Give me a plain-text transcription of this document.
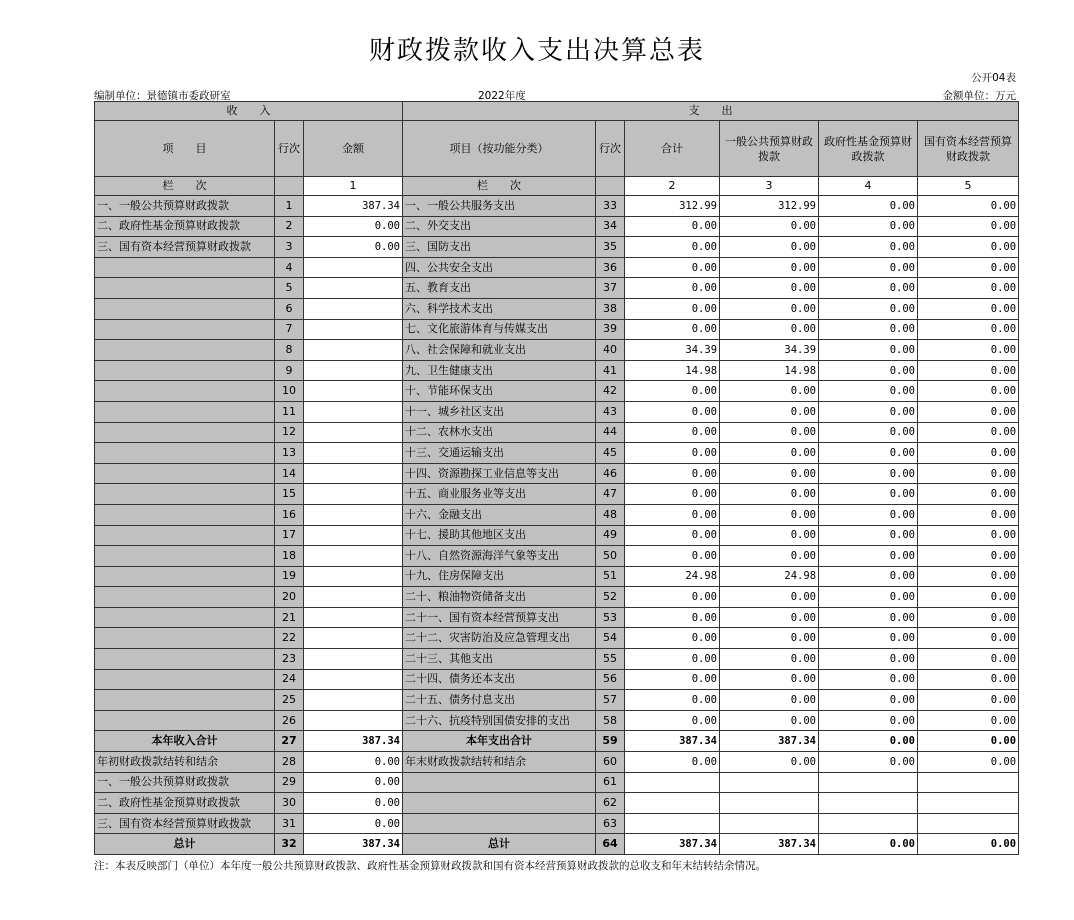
财政拨款收入支出决算总表
公开04表
编制单位：景德镇市委政研室	2022年度	金额单位：万元
收　　入			支　　出					
项　　目	行次	金额	项目（按功能分类）	行次	合计	一般公共预算财政拨款	政府性基金预算财政拨款	国有资本经营预算财政拨款
栏　　次		1	栏　　次		2	3	4	5
一、一般公共预算财政拨款	1	387.34	一、一般公共服务支出	33	312.99	312.99	0.00	0.00
二、政府性基金预算财政拨款	2	0.00	二、外交支出	34	0.00	0.00	0.00	0.00
三、国有资本经营预算财政拨款	3	0.00	三、国防支出	35	0.00	0.00	0.00	0.00
	4		四、公共安全支出	36	0.00	0.00	0.00	0.00
	5		五、教育支出	37	0.00	0.00	0.00	0.00
	6		六、科学技术支出	38	0.00	0.00	0.00	0.00
	7		七、文化旅游体育与传媒支出	39	0.00	0.00	0.00	0.00
	8		八、社会保障和就业支出	40	34.39	34.39	0.00	0.00
	9		九、卫生健康支出	41	14.98	14.98	0.00	0.00
	10		十、节能环保支出	42	0.00	0.00	0.00	0.00
	11		十一、城乡社区支出	43	0.00	0.00	0.00	0.00
	12		十二、农林水支出	44	0.00	0.00	0.00	0.00
	13		十三、交通运输支出	45	0.00	0.00	0.00	0.00
	14		十四、资源勘探工业信息等支出	46	0.00	0.00	0.00	0.00
	15		十五、商业服务业等支出	47	0.00	0.00	0.00	0.00
	16		十六、金融支出	48	0.00	0.00	0.00	0.00
	17		十七、援助其他地区支出	49	0.00	0.00	0.00	0.00
	18		十八、自然资源海洋气象等支出	50	0.00	0.00	0.00	0.00
	19		十九、住房保障支出	51	24.98	24.98	0.00	0.00
	20		二十、粮油物资储备支出	52	0.00	0.00	0.00	0.00
	21		二十一、国有资本经营预算支出	53	0.00	0.00	0.00	0.00
	22		二十二、灾害防治及应急管理支出	54	0.00	0.00	0.00	0.00
	23		二十三、其他支出	55	0.00	0.00	0.00	0.00
	24		二十四、债务还本支出	56	0.00	0.00	0.00	0.00
	25		二十五、债务付息支出	57	0.00	0.00	0.00	0.00
	26		二十六、抗疫特别国债安排的支出	58	0.00	0.00	0.00	0.00
本年收入合计	27	387.34	本年支出合计	59	387.34	387.34	0.00	0.00
年初财政拨款结转和结余	28	0.00	年末财政拨款结转和结余	60	0.00	0.00	0.00	0.00
一、一般公共预算财政拨款	29	0.00		61				
二、政府性基金预算财政拨款	30	0.00		62				
三、国有资本经营预算财政拨款	31	0.00		63				
总计	32	387.34	总计	64	387.34	387.34	0.00	0.00
注：本表反映部门（单位）本年度一般公共预算财政拨款、政府性基金预算财政拨款和国有资本经营预算财政拨款的总收支和年末结转结余情况。
